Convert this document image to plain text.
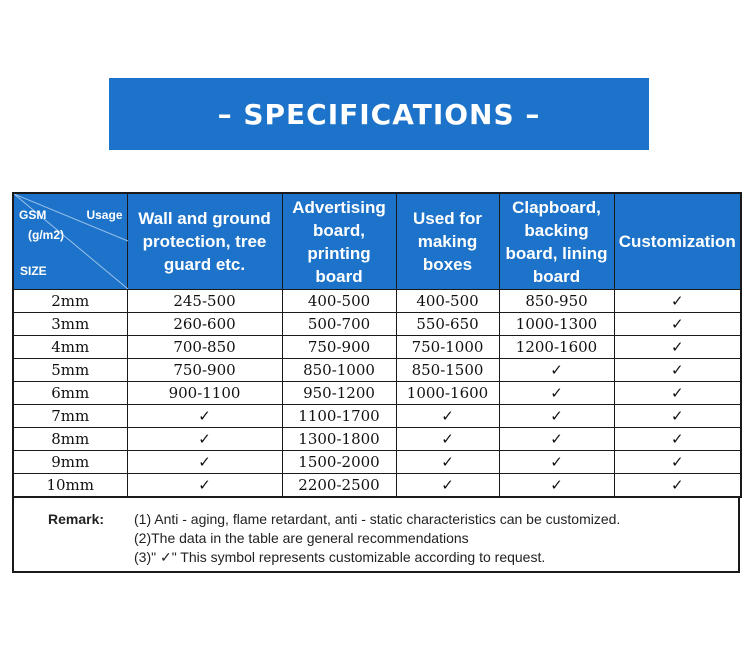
– SPECIFICATIONS –
GSM Usage
(g/m2)
SIZE	Wall and ground protection, tree guard etc.	Advertising board, printing board	Used for making boxes	Clapboard, backing board, lining board	Customization
2mm	245-500	400-500	400-500	850-950	✓
3mm	260-600	500-700	550-650	1000-1300	✓
4mm	700-850	750-900	750-1000	1200-1600	✓
5mm	750-900	850-1000	850-1500	✓	✓
6mm	900-1100	950-1200	1000-1600	✓	✓
7mm	✓	1100-1700	✓	✓	✓
8mm	✓	1300-1800	✓	✓	✓
9mm	✓	1500-2000	✓	✓	✓
10mm	✓	2200-2500	✓	✓	✓
Remark: (1) Anti - aging, flame retardant, anti - static characteristics can be customized.
(2)The data in the table are general recommendations
(3)" ✓" This symbol represents customizable according to request.
